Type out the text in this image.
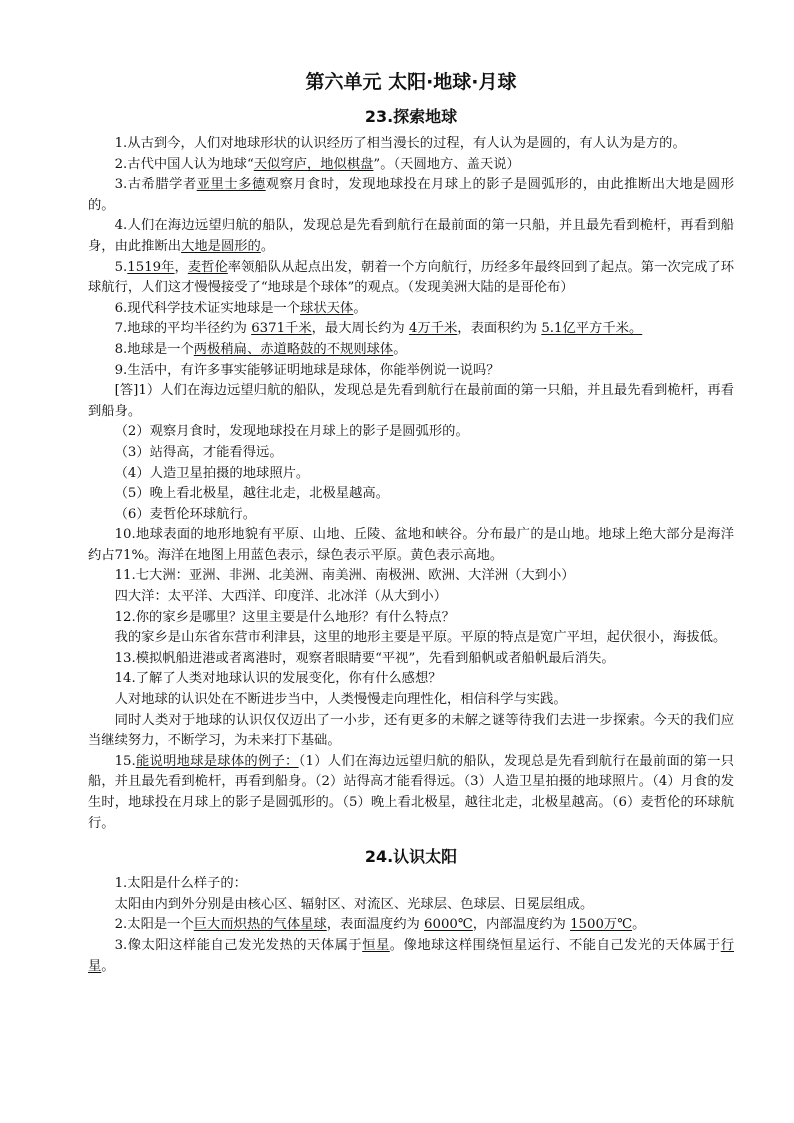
第六单元 太阳·地球·月球
23.探索地球

1.从古到今，人们对地球形状的认识经历了相当漫长的过程，有人认为是圆的，有人认为是方的。

2.古代中国人认为地球“天似穹庐，地似棋盘”。（天圆地方、盖天说）

3.古希腊学者亚里士多德观察月食时，发现地球投在月球上的影子是圆弧形的，由此推断出大地是圆形的。

4.人们在海边远望归航的船队，发现总是先看到航行在最前面的第一只船，并且最先看到桅杆，再看到船身，由此推断出大地是圆形的。

5.1519年，麦哲伦率领船队从起点出发，朝着一个方向航行，历经多年最终回到了起点。第一次完成了环球航行，人们这才慢慢接受了“地球是个球体”的观点。（发现美洲大陆的是哥伦布）

6.现代科学技术证实地球是一个球状天体。

7.地球的平均半径约为 6371千米，最大周长约为 4万千米，表面积约为 5.1亿平方千米。

8.地球是一个两极稍扁、赤道略鼓的不规则球体。

9.生活中，有许多事实能够证明地球是球体，你能举例说一说吗？

[答]1）人们在海边远望归航的船队，发现总是先看到航行在最前面的第一只船，并且最先看到桅杆，再看到船身。

（2）观察月食时，发现地球投在月球上的影子是圆弧形的。

（3）站得高，才能看得远。

（4）人造卫星拍摄的地球照片。

（5）晚上看北极星，越往北走，北极星越高。

（6）麦哲伦环球航行。

10.地球表面的地形地貌有平原、山地、丘陵、盆地和峡谷。分布最广的是山地。地球上绝大部分是海洋约占71%。海洋在地图上用蓝色表示，绿色表示平原。黄色表示高地。

11.七大洲：亚洲、非洲、北美洲、南美洲、南极洲、欧洲、大洋洲（大到小）

四大洋：太平洋、大西洋、印度洋、北冰洋（从大到小）

12.你的家乡是哪里？这里主要是什么地形？有什么特点？

我的家乡是山东省东营市利津县，这里的地形主要是平原。平原的特点是宽广平坦，起伏很小，海拔低。

13.模拟帆船进港或者离港时，观察者眼睛要“平视”，先看到船帆或者船帆最后消失。

14.了解了人类对地球认识的发展变化，你有什么感想？

人对地球的认识处在不断进步当中，人类慢慢走向理性化，相信科学与实践。

同时人类对于地球的认识仅仅迈出了一小步，还有更多的未解之谜等待我们去进一步探索。今天的我们应当继续努力，不断学习，为未来打下基础。

15.能说明地球是球体的例子：（1）人们在海边远望归航的船队，发现总是先看到航行在最前面的第一只船，并且最先看到桅杆，再看到船身。（2）站得高才能看得远。（3）人造卫星拍摄的地球照片。（4）月食的发生时，地球投在月球上的影子是圆弧形的。（5）晚上看北极星，越往北走，北极星越高。（6）麦哲伦的环球航行。

24.认识太阳

1.太阳是什么样子的：

太阳由内到外分别是由核心区、辐射区、对流区、光球层、色球层、日冕层组成。

2.太阳是一个巨大而炽热的气体星球，表面温度约为 6000℃，内部温度约为 1500万℃。

3.像太阳这样能自己发光发热的天体属于恒星。像地球这样围绕恒星运行、不能自己发光的天体属于行星。
